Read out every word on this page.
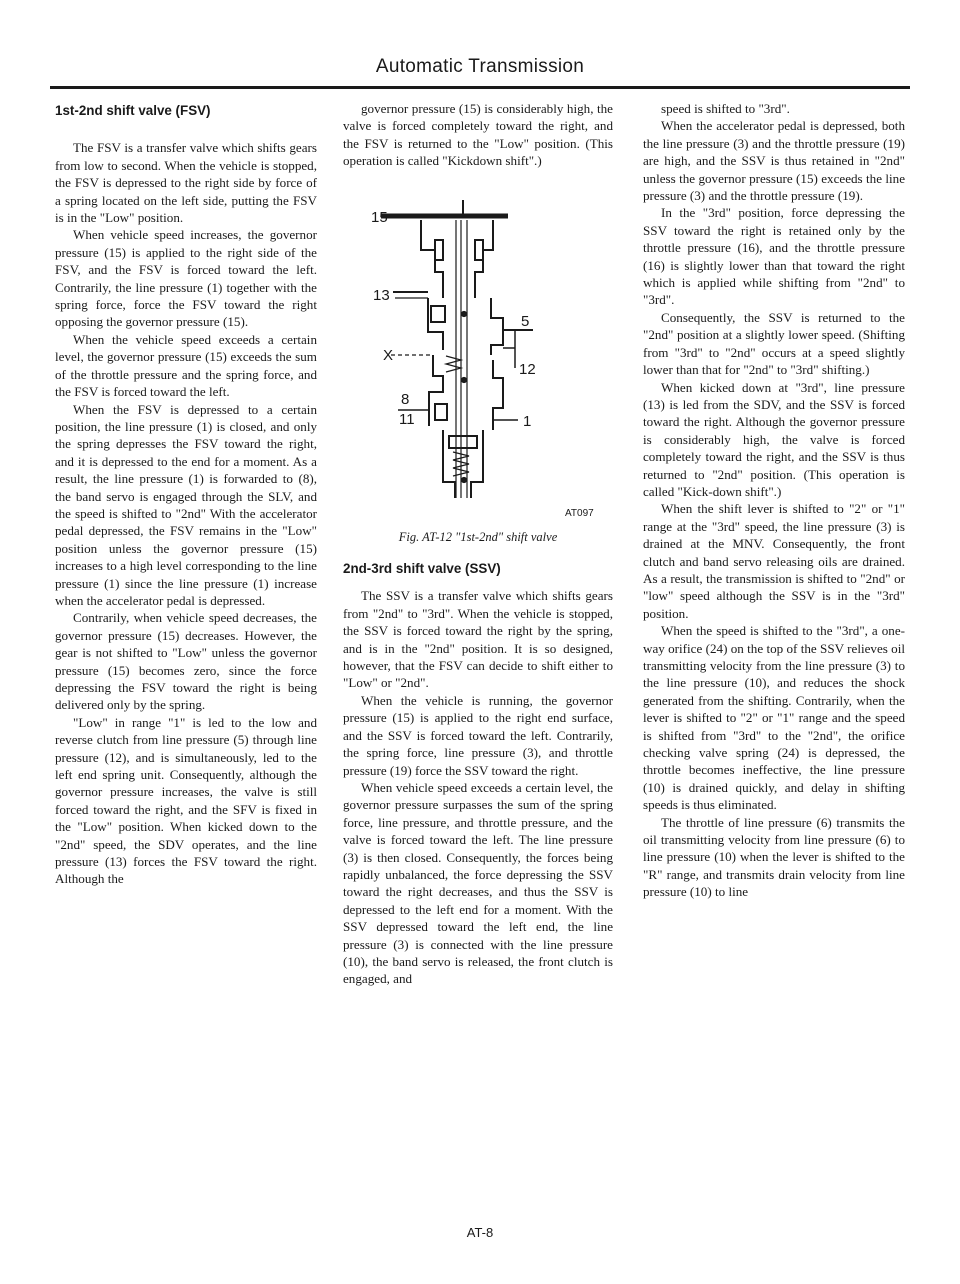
Automatic Transmission
1st-2nd shift valve (FSV)

The FSV is a transfer valve which shifts gears from low to second. When the vehicle is stopped, the FSV is depressed to the right side by force of a spring located on the left side, putting the FSV is in the "Low" position.

When vehicle speed increases, the governor pressure (15) is applied to the right side of the FSV, and the FSV is forced toward the left. Contrarily, the line pressure (1) together with the spring force, force the FSV toward the right opposing the governor pressure (15).

When the vehicle speed exceeds a certain level, the governor pressure (15) exceeds the sum of the throttle pressure and the spring force, and the FSV is forced toward the left.

When the FSV is depressed to a certain position, the line pressure (1) is closed, and only the spring depresses the FSV toward the right, and it is depressed to the end for a moment. As a result, the line pressure (1) is forwarded to (8), the band servo is engaged through the SLV, and the speed is shifted to "2nd" With the accelerator pedal depressed, the FSV remains in the "Low" position unless the governor pressure (15) increases to a high level corresponding to the line pressure (1) since the line pressure (1) increase when the accelerator pedal is depressed.

Contrarily, when vehicle speed decreases, the governor pressure (15) decreases. However, the gear is not shifted to "Low" unless the governor pressure (15) becomes zero, since the force depressing the FSV toward the right is being delivered only by the spring.

"Low" in range "1" is led to the low and reverse clutch from line pressure (5) through line pressure (12), and is simultaneously, led to the left end spring unit. Consequently, although the governor pressure increases, the valve is still forced toward the right, and the SFV is fixed in the "Low" position. When kicked down to the "2nd" speed, the SDV operates, and the line pressure (13) forces the FSV toward the right. Although the

governor pressure (15) is considerably high, the valve is forced completely toward the right, and the FSV is returned to the "Low" position. (This operation is called "Kickdown shift".)

15
13
X
8
11
5
12
1
AT097
Fig. AT-12 "1st-2nd" shift valve
2nd-3rd shift valve (SSV)

The SSV is a transfer valve which shifts gears from "2nd" to "3rd". When the vehicle is stopped, the SSV is forced toward the right by the spring, and is in the "2nd" position. It is so designed, however, that the FSV can decide to shift either to "Low" or "2nd".

When the vehicle is running, the governor pressure (15) is applied to the right end surface, and the SSV is forced toward the left. Contrarily, the spring force, line pressure (3), and throttle pressure (19) force the SSV toward the right.

When vehicle speed exceeds a certain level, the governor pressure surpasses the sum of the spring force, line pressure, and throttle pressure, and the valve is forced toward the left. The line pressure (3) is then closed. Consequently, the forces being rapidly unbalanced, the force depressing the SSV toward the right decreases, and thus the SSV is depressed to the left end for a moment. With the SSV depressed toward the left end, the line pressure (3) is connected with the line pressure (10), the band servo is released, the front clutch is engaged, and

speed is shifted to "3rd".

When the accelerator pedal is depressed, both the line pressure (3) and the throttle pressure (19) are high, and the SSV is thus retained in "2nd" unless the governor pressure (15) exceeds the line pressure (3) and the throttle pressure (19).

In the "3rd" position, force depressing the SSV toward the right is retained only by the throttle pressure (16), and the throttle pressure (16) is slightly lower than that toward the right which is applied while shifting from "2nd" to "3rd".

Consequently, the SSV is returned to the "2nd" position at a slightly lower speed. (Shifting from "3rd" to "2nd" occurs at a speed slightly lower than that for "2nd" to "3rd" shifting.)

When kicked down at "3rd", line pressure (13) is led from the SDV, and the SSV is forced toward the right. Although the governor pressure is considerably high, the valve is forced completely toward the right, and the SSV is thus returned to "2nd" position. (This operation is called "Kick-down shift".)

When the shift lever is shifted to "2" or "1" range at the "3rd" speed, the line pressure (3) is drained at the MNV. Consequently, the front clutch and band servo releasing oils are drained. As a result, the transmission is shifted to "2nd" or "low" speed although the SSV is in the "3rd" position.

When the speed is shifted to the "3rd", a one-way orifice (24) on the top of the SSV relieves oil transmitting velocity from the line pressure (3) to the line pressure (10), and reduces the shock generated from the shifting. Contrarily, when the lever is shifted to "2" or "1" range and the speed is shifted from "3rd" to the "2nd", the orifice checking valve spring (24) is depressed, the throttle becomes ineffective, the line pressure (10) is drained quickly, and delay in shifting speeds is thus eliminated.

The throttle of line pressure (6) transmits the oil transmitting velocity from line pressure (6) to line pressure (10) when the lever is shifted to the "R" range, and transmits drain velocity from line pressure (10) to line

AT-8
